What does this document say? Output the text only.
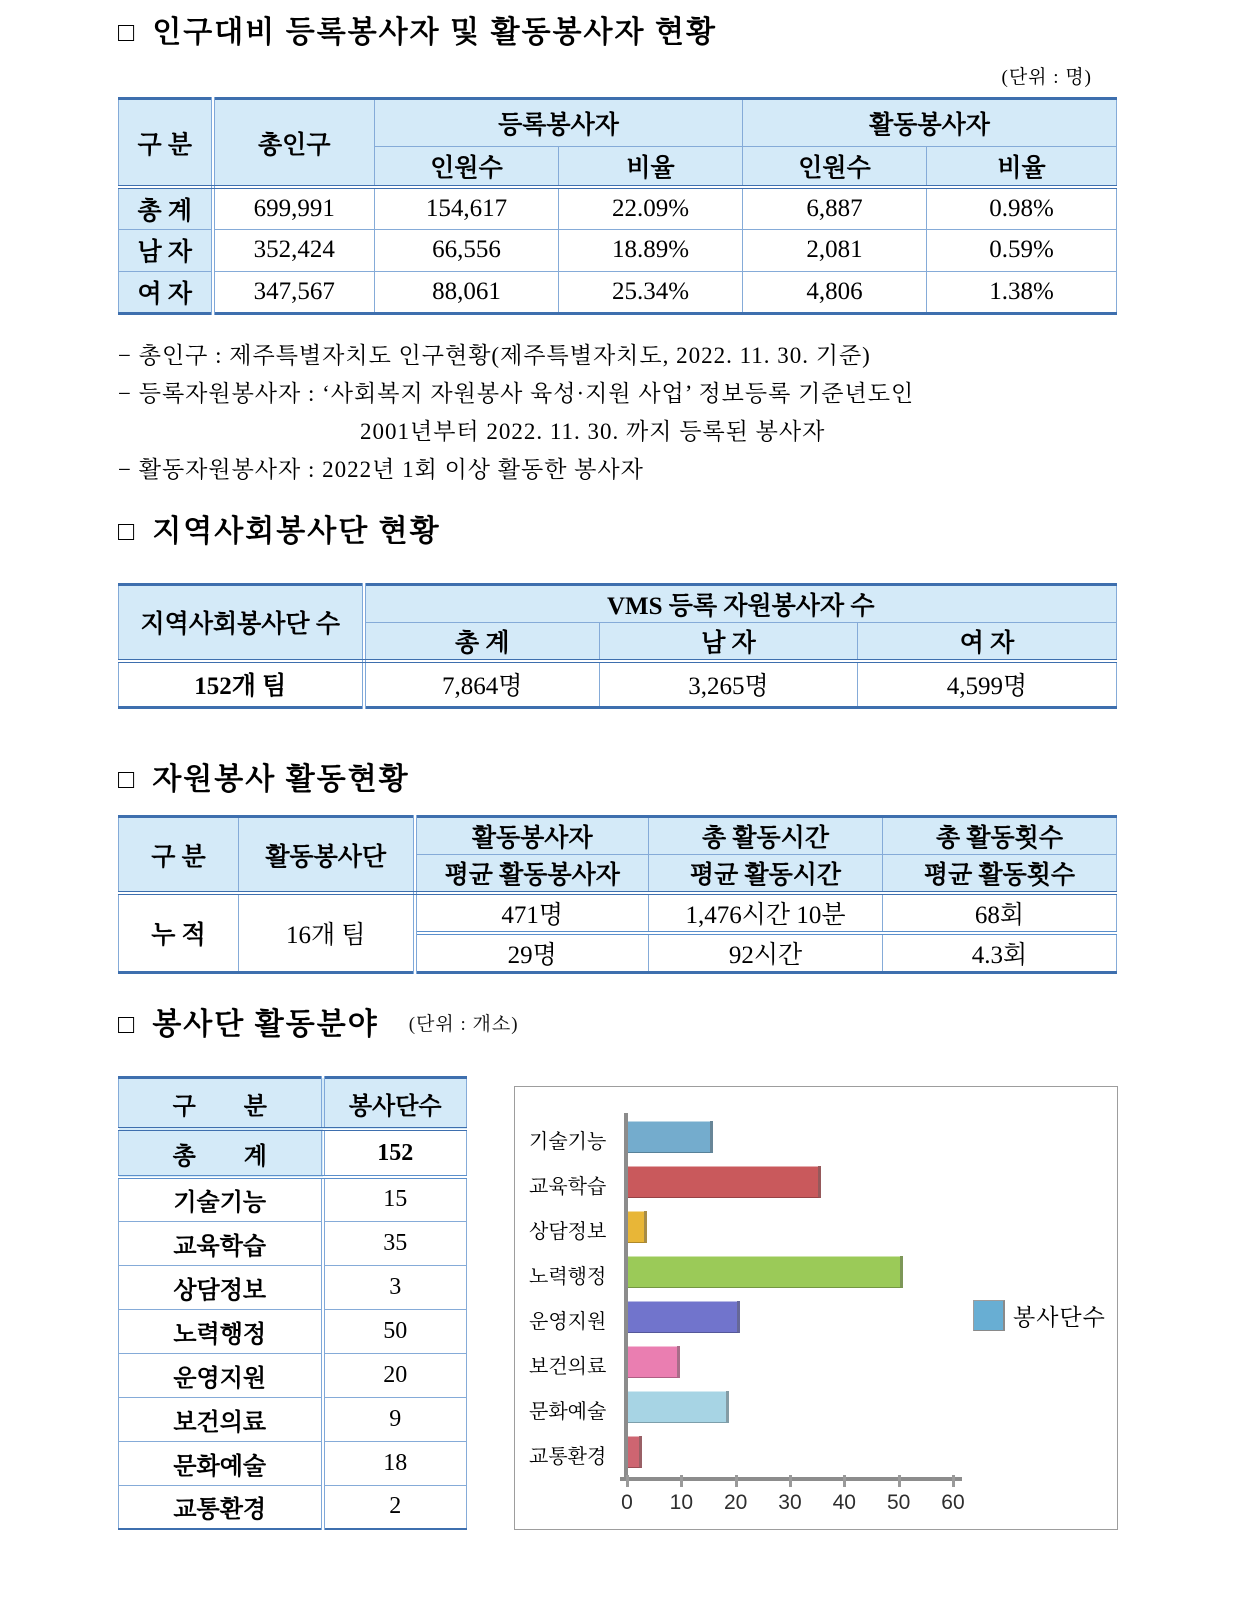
□ 인구대비 등록봉사자 및 활동봉사자 현황
(단위 : 명)
구 분	총인구	등록봉사자		활동봉사자	
		인원수	비율	인원수	비율
총 계	699,991	154,617	22.09%	6,887	0.98%
남 자	352,424	66,556	18.89%	2,081	0.59%
여 자	347,567	88,061	25.34%	4,806	1.38%
− 총인구 : 제주특별자치도 인구현황(제주특별자치도, 2022. 11. 30. 기준)
− 등록자원봉사자 : ‘사회복지 자원봉사 육성·지원 사업’ 정보등록 기준년도인
2001년부터 2022. 11. 30. 까지 등록된 봉사자
− 활동자원봉사자 : 2022년 1회 이상 활동한 봉사자
□ 지역사회봉사단 현황
지역사회봉사단 수	VMS 등록 자원봉사자 수		
	총 계	남 자	여 자
152개 팀	7,864명	3,265명	4,599명
□ 자원봉사 활동현황
구 분	활동봉사단	활동봉사자	총 활동시간	총 활동횟수
		평균 활동봉사자	평균 활동시간	평균 활동횟수
누 적	16개 팀	471명	1,476시간 10분	68회
		29명	92시간	4.3회
□ 봉사단 활동분야 (단위 : 개소)
구　　분	봉사단수
총　　계	152
기술기능	15
교육학습	35
상담정보	3
노력행정	50
운영지원	20
보건의료	9
문화예술	18
교통환경	2
기술기능
교육학습
상담정보
노력행정
운영지원
보건의료
문화예술
교통환경
0	10	20	30	40	50	60
봉사단수
